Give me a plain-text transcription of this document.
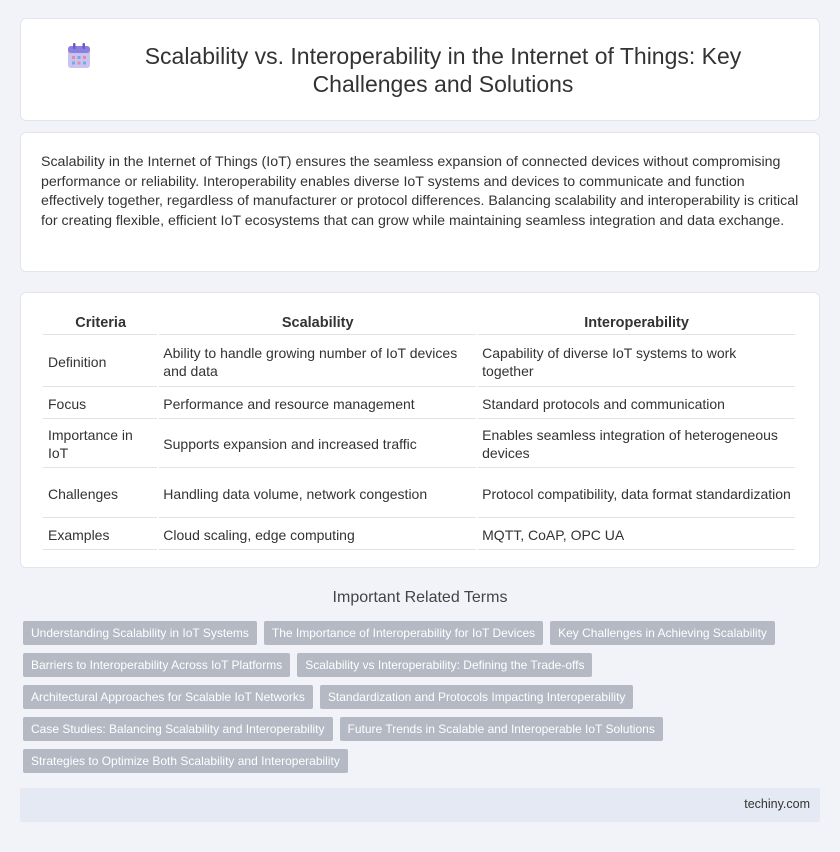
Scalability vs. Interoperability in the Internet of Things: Key Challenges and Solutions

Scalability in the Internet of Things (IoT) ensures the seamless expansion of connected devices without compromising performance or reliability. Interoperability enables diverse IoT systems and devices to communicate and function effectively together, regardless of manufacturer or protocol differences. Balancing scalability and interoperability is critical for creating flexible, efficient IoT ecosystems that can grow while maintaining seamless integration and data exchange.

Criteria	Scalability	Interoperability
Definition	Ability to handle growing number of IoT devices and data	Capability of diverse IoT systems to work together
Focus	Performance and resource management	Standard protocols and communication
Importance in IoT	Supports expansion and increased traffic	Enables seamless integration of heterogeneous devices
Challenges	Handling data volume, network congestion	Protocol compatibility, data format standardization
Examples	Cloud scaling, edge computing	MQTT, CoAP, OPC UA
Important Related Terms
Understanding Scalability in IoT Systems	The Importance of Interoperability for IoT Devices	Key Challenges in Achieving Scalability
Barriers to Interoperability Across IoT Platforms	Scalability vs Interoperability: Defining the Trade-offs
Architectural Approaches for Scalable IoT Networks	Standardization and Protocols Impacting Interoperability
Case Studies: Balancing Scalability and Interoperability	Future Trends in Scalable and Interoperable IoT Solutions
Strategies to Optimize Both Scalability and Interoperability
techiny.com
